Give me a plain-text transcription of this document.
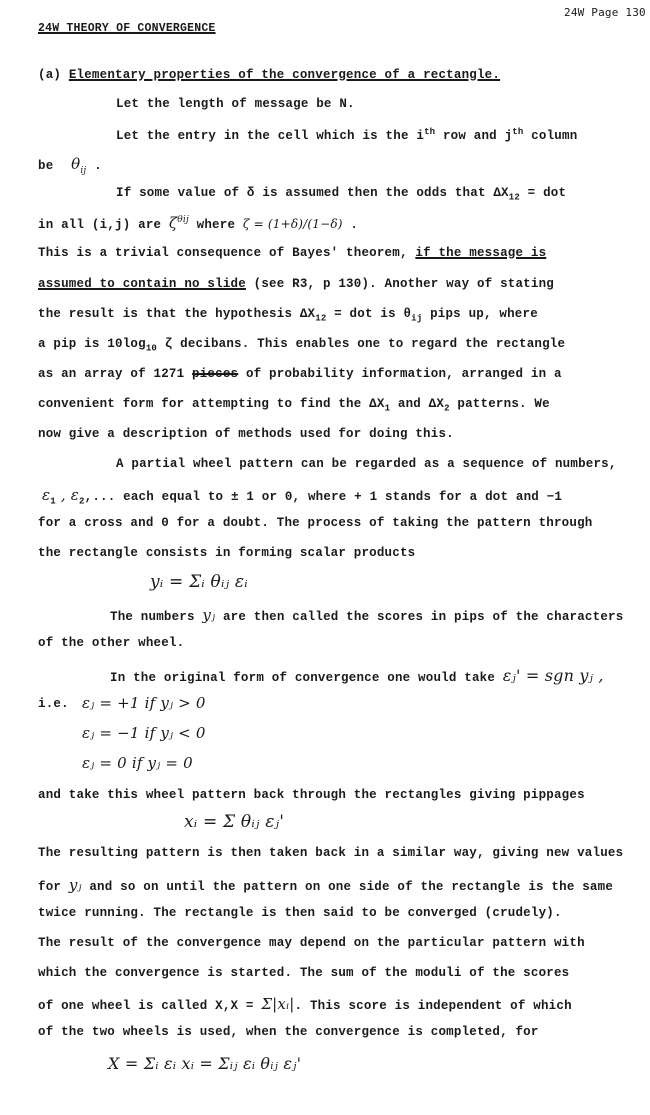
24W Page 130
24W THEORY OF CONVERGENCE
(a) Elementary properties of the convergence of a rectangle.
Let the length of message be N.
Let the entry in the cell which is the $i^{th}$ row and $j^{th}$ column
be $\theta_{ij}$ .
If some value of δ is assumed then the odds that $\Delta X_{12}$ = dot
in all (i,j) are $\zeta^{\theta ij}$ where ζ = (1+δ)/(1−δ) .
This is a trivial consequence of Bayes' theorem, if the message is
assumed to contain no slide (see R3, p 130). Another way of stating
the result is that the hypothesis $\Delta X_{12}$ = dot is $\theta_{ij}$ pips up, where
a pip is $10\log_{10}$ ζ decibans. This enables one to regard the rectangle
as an array of 1271 pieces of probability information, arranged in a
convenient form for attempting to find the $\Delta X_1$ and $\Delta X_2$ patterns. We
now give a description of methods used for doing this.
A partial wheel pattern can be regarded as a sequence of numbers,
$\varepsilon_1$ , $\varepsilon_2$,... each equal to ± 1 or 0, where + 1 stands for a dot and −1
for a cross and 0 for a doubt. The process of taking the pattern through
the rectangle consists in forming scalar products
yᵢ = Σᵢ θᵢⱼ εᵢ
The numbers yⱼ are then called the scores in pips of the characters
of the other wheel.
In the original form of convergence one would take εⱼ' = sgn yⱼ ,
i.e. εⱼ = +1 if yⱼ > 0
εⱼ = −1 if yⱼ < 0
εⱼ = 0 if yⱼ = 0
and take this wheel pattern back through the rectangles giving pippages
xᵢ = Σ θᵢⱼ εⱼ'
The resulting pattern is then taken back in a similar way, giving new values
for yⱼ and so on until the pattern on one side of the rectangle is the same
twice running. The rectangle is then said to be converged (crudely).
The result of the convergence may depend on the particular pattern with
which the convergence is started. The sum of the moduli of the scores
of one wheel is called X,X = Σ|xᵢ|. This score is independent of which
of the two wheels is used, when the convergence is completed, for
X = Σᵢ εᵢ xᵢ = Σᵢⱼ εᵢ θᵢⱼ εⱼ'
